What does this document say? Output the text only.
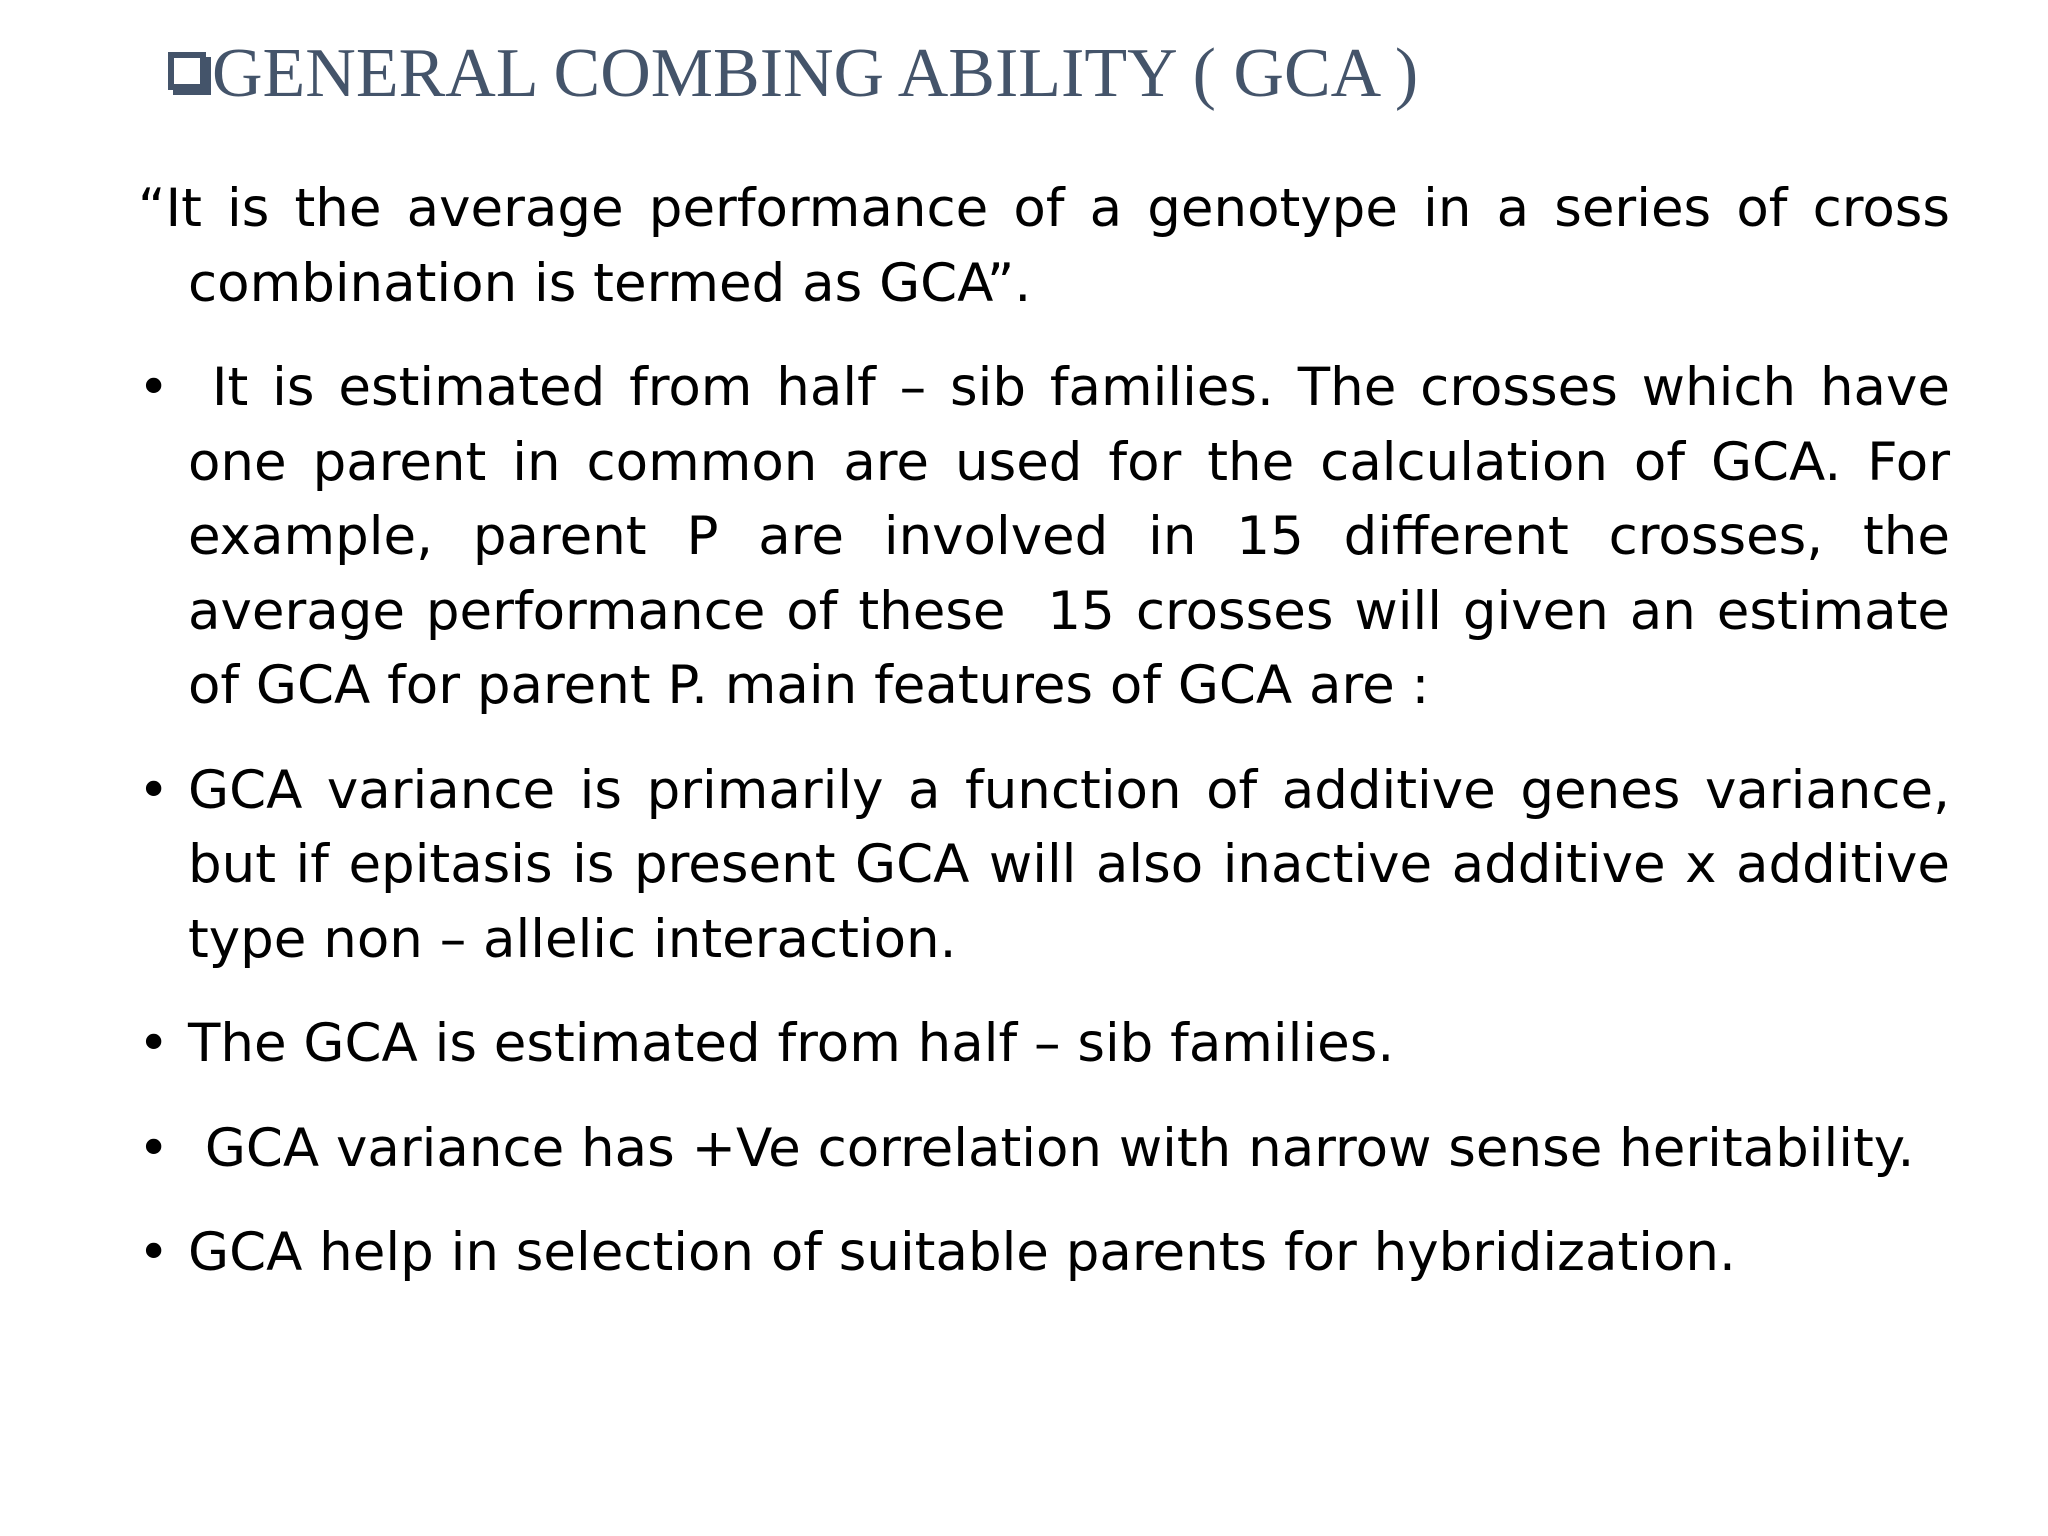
GENERAL COMBING ABILITY ( GCA )
“It is the average performance of a genotype in a series of cross combination is termed as GCA”.
• It is estimated from half – sib families. The crosses which have one parent in common are used for the calculation of GCA. For example, parent P are involved in 15 different crosses, the average performance of these  15 crosses will given an estimate of GCA for parent P. main features of GCA are :
• GCA variance is primarily a function of additive genes variance, but if epitasis is present GCA will also inactive additive x additive type non – allelic interaction.
• The GCA is estimated from half – sib families.
• GCA variance has +Ve correlation with narrow sense heritability.
• GCA help in selection of suitable parents for hybridization.
